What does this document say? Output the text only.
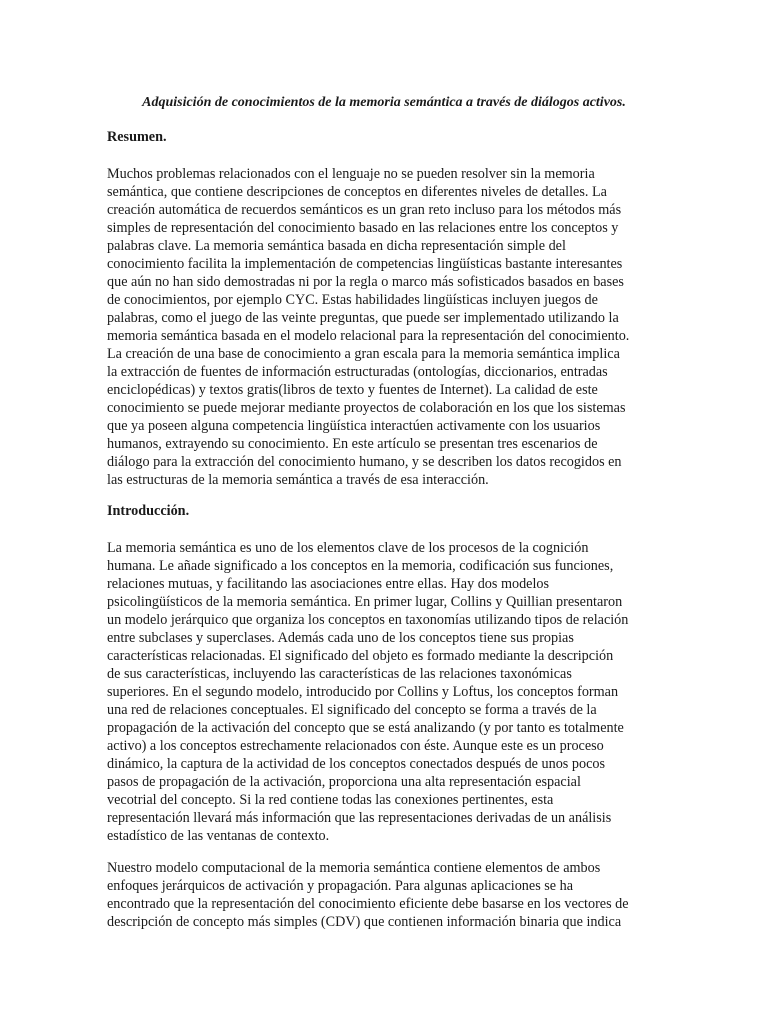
Adquisición de conocimientos de la memoria semántica a través de diálogos activos.

Resumen.

Muchos problemas relacionados con el lenguaje no se pueden resolver sin la memoria
semántica, que contiene descripciones de conceptos en diferentes niveles de detalles. La
creación automática de recuerdos semánticos es un gran reto incluso para los métodos más
simples de representación del conocimiento basado en las relaciones entre los conceptos y
palabras clave. La memoria semántica basada en dicha representación simple del
conocimiento facilita la implementación de competencias lingüísticas bastante interesantes
que aún no han sido demostradas ni por la regla o marco más sofisticados basados en bases
de conocimientos, por ejemplo CYC. Estas habilidades lingüísticas incluyen juegos de
palabras, como el juego de las veinte preguntas, que puede ser implementado utilizando la
memoria semántica basada en el modelo relacional para la representación del conocimiento.
La creación de una base de conocimiento a gran escala para la memoria semántica implica
la extracción de fuentes de información estructuradas (ontologías, diccionarios, entradas
enciclopédicas) y textos gratis(libros de texto y fuentes de Internet). La calidad de este
conocimiento se puede mejorar mediante proyectos de colaboración en los que los sistemas
que ya poseen alguna competencia lingüística interactúen activamente con los usuarios
humanos, extrayendo su conocimiento. En este artículo se presentan tres escenarios de
diálogo para la extracción del conocimiento humano, y se describen los datos recogidos en
las estructuras de la memoria semántica a través de esa interacción.

Introducción.

La memoria semántica es uno de los elementos clave de los procesos de la cognición
humana. Le añade significado a los conceptos en la memoria, codificación sus funciones,
relaciones mutuas, y facilitando las asociaciones entre ellas. Hay dos modelos
psicolingüísticos de la memoria semántica. En primer lugar, Collins y Quillian presentaron
un modelo jerárquico que organiza los conceptos en taxonomías utilizando tipos de relación
entre subclases y superclases. Además cada uno de los conceptos tiene sus propias
características relacionadas. El significado del objeto es formado mediante la descripción
de sus características, incluyendo las características de las relaciones taxonómicas
superiores. En el segundo modelo, introducido por Collins y Loftus, los conceptos forman
una red de relaciones conceptuales. El significado del concepto se forma a través de la
propagación de la activación del concepto que se está analizando (y por tanto es totalmente
activo) a los conceptos estrechamente relacionados con éste. Aunque este es un proceso
dinámico, la captura de la actividad de los conceptos conectados después de unos pocos
pasos de propagación de la activación, proporciona una alta representación espacial
vecotrial del concepto. Si la red contiene todas las conexiones pertinentes, esta
representación llevará más información que las representaciones derivadas de un análisis
estadístico de las ventanas de contexto.

Nuestro modelo computacional de la memoria semántica contiene elementos de ambos
enfoques jerárquicos de activación y propagación. Para algunas aplicaciones se ha
encontrado que la representación del conocimiento eficiente debe basarse en los vectores de
descripción de concepto más simples (CDV) que contienen información binaria que indica
